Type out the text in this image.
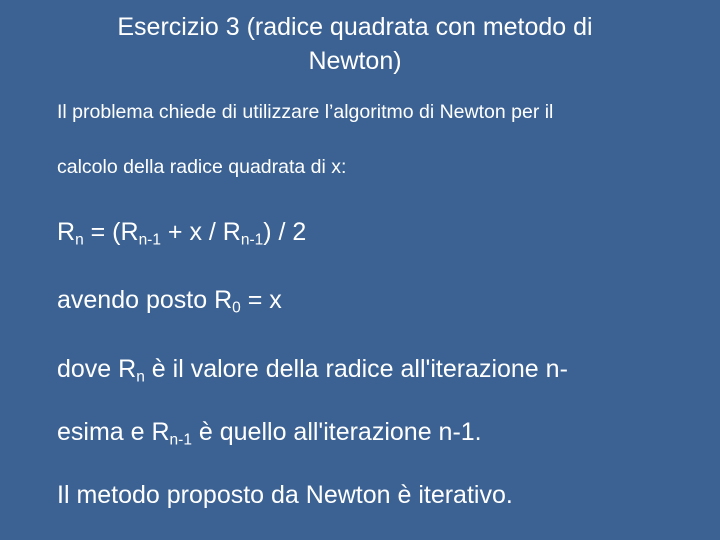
Esercizio 3 (radice quadrata con metodo di
Newton)
Il problema chiede di utilizzare l’algoritmo di Newton per il
calcolo della radice quadrata di x:
$R_n = (R_{n-1} + x / R_{n-1}) / 2$
avendo posto $R_0 = x$
dove $R_n$ è il valore della radice all'iterazione n-
esima e $R_{n-1}$ è quello all'iterazione n-1.
Il metodo proposto da Newton è iterativo.
